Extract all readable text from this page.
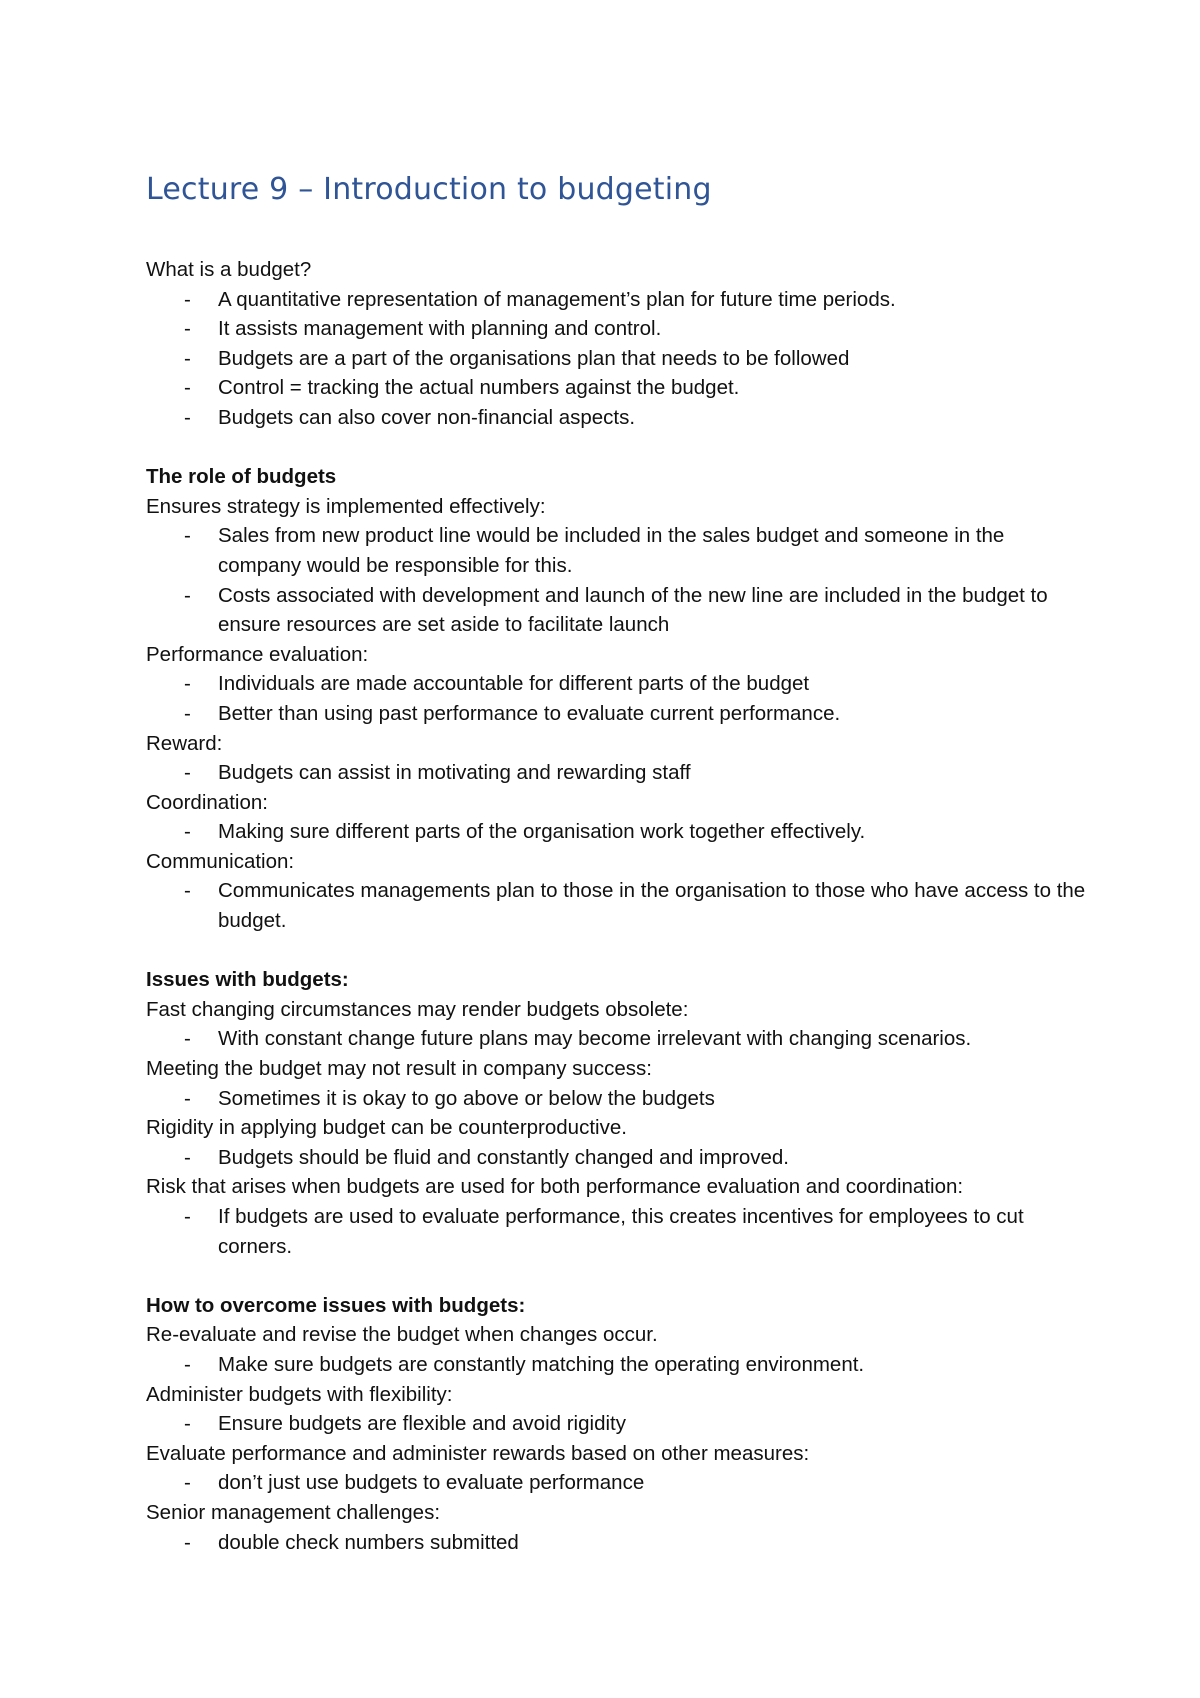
Lecture 9 – Introduction to budgeting
What is a budget?
- A quantitative representation of management’s plan for future time periods.
- It assists management with planning and control.
- Budgets are a part of the organisations plan that needs to be followed
- Control = tracking the actual numbers against the budget.
- Budgets can also cover non-financial aspects.
The role of budgets
Ensures strategy is implemented effectively:
- Sales from new product line would be included in the sales budget and someone in the company would be responsible for this.
- Costs associated with development and launch of the new line are included in the budget to ensure resources are set aside to facilitate launch
Performance evaluation:
- Individuals are made accountable for different parts of the budget
- Better than using past performance to evaluate current performance.
Reward:
- Budgets can assist in motivating and rewarding staff
Coordination:
- Making sure different parts of the organisation work together effectively.
Communication:
- Communicates managements plan to those in the organisation to those who have access to the budget.
Issues with budgets:
Fast changing circumstances may render budgets obsolete:
- With constant change future plans may become irrelevant with changing scenarios.
Meeting the budget may not result in company success:
- Sometimes it is okay to go above or below the budgets
Rigidity in applying budget can be counterproductive.
- Budgets should be fluid and constantly changed and improved.
Risk that arises when budgets are used for both performance evaluation and coordination:
- If budgets are used to evaluate performance, this creates incentives for employees to cut corners.
How to overcome issues with budgets:
Re-evaluate and revise the budget when changes occur.
- Make sure budgets are constantly matching the operating environment.
Administer budgets with flexibility:
- Ensure budgets are flexible and avoid rigidity
Evaluate performance and administer rewards based on other measures:
- don’t just use budgets to evaluate performance
Senior management challenges:
- double check numbers submitted
